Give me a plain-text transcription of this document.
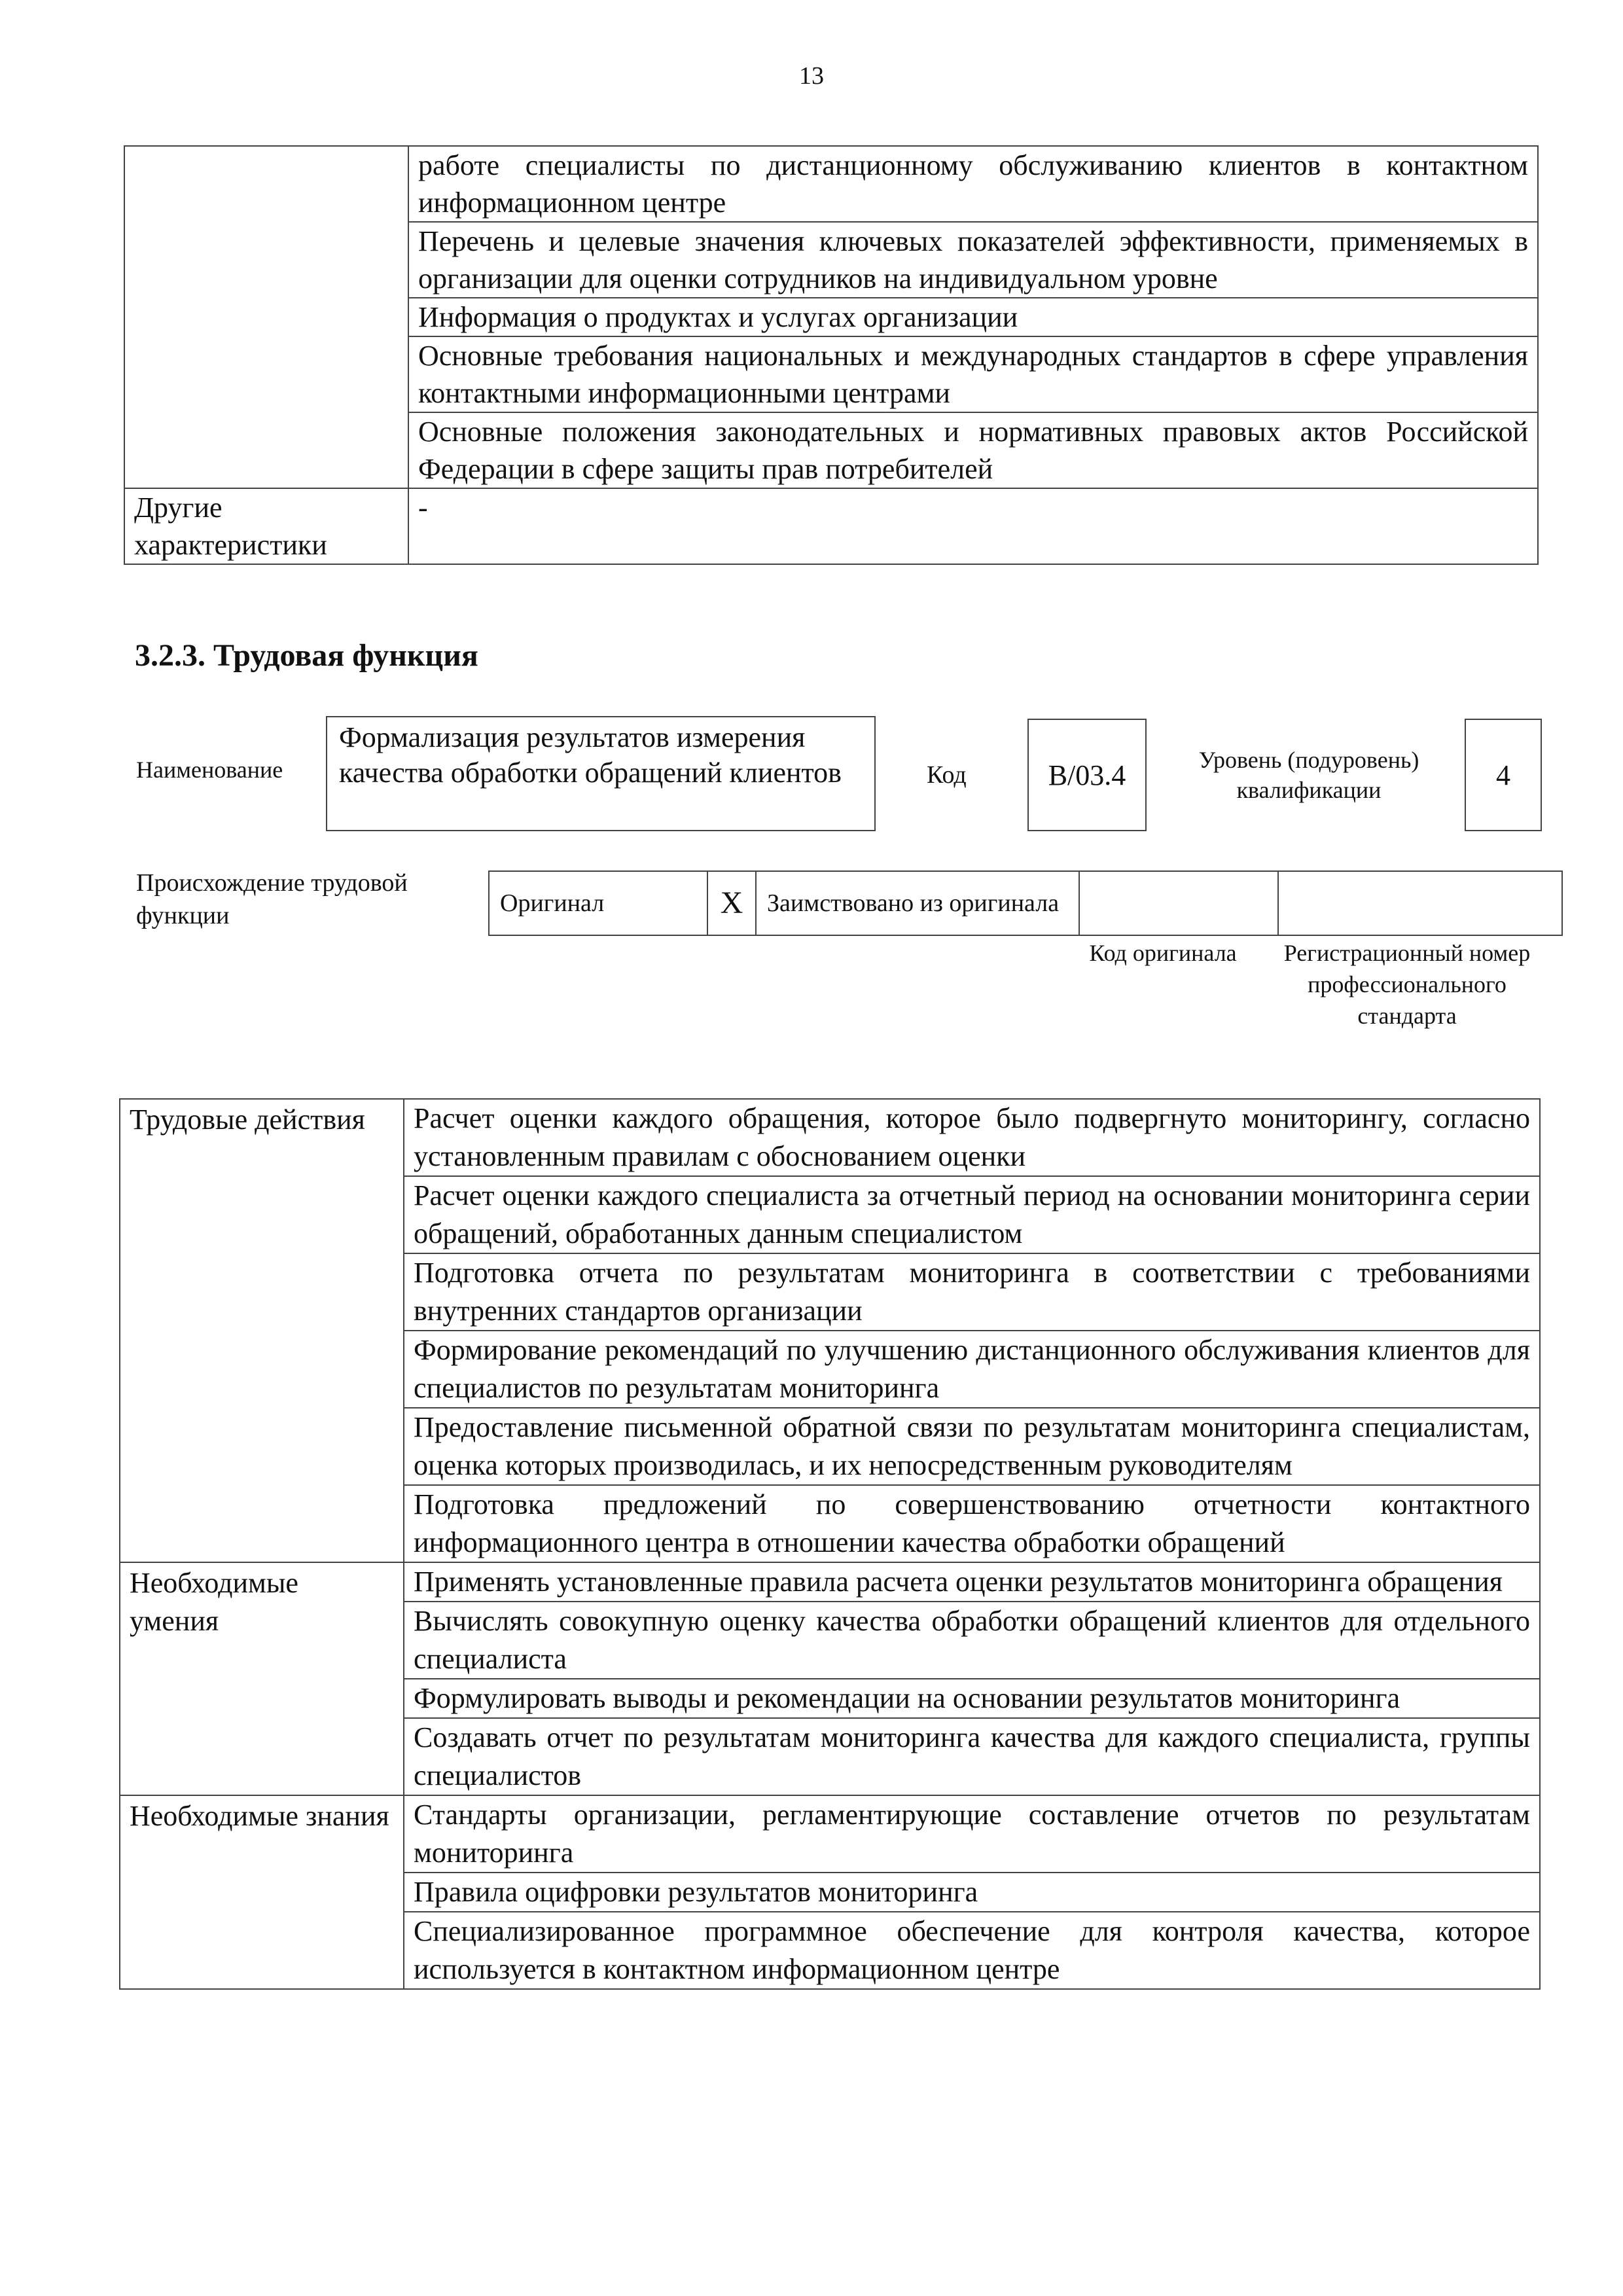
13
	работе специалисты по дистанционному обслуживанию клиентов в контактном информационном центре
	Перечень и целевые значения ключевых показателей эффективности, применяемых в организации для оценки сотрудников на индивидуальном уровне
	Информация о продуктах и услугах организации
	Основные требования национальных и международных стандартов в сфере управления контактными информационными центрами
	Основные положения законодательных и нормативных правовых актов Российской Федерации в сфере защиты прав потребителей
Другие характеристики	-
3.2.3. Трудовая функция
Наименование
Формализация результатов измерения качества обработки обращений клиентов	Код	B/03.4	Уровень (подуровень) квалификации	4
Происхождение трудовой функции	Оригинал	X	Заимствовано из оригинала		
Код оригинала	Регистрационный номер профессионального стандарта
Трудовые действия	Расчет оценки каждого обращения, которое было подвергнуто мониторингу, согласно установленным правилам с обоснованием оценки
	Расчет оценки каждого специалиста за отчетный период на основании мониторинга серии обращений, обработанных данным специалистом
	Подготовка отчета по результатам мониторинга в соответствии с требованиями внутренних стандартов организации
	Формирование рекомендаций по улучшению дистанционного обслуживания клиентов для специалистов по результатам мониторинга
	Предоставление письменной обратной связи по результатам мониторинга специалистам, оценка которых производилась, и их непосредственным руководителям
	Подготовка предложений по совершенствованию отчетности контактного информационного центра в отношении качества обработки обращений
Необходимые умения	Применять установленные правила расчета оценки результатов мониторинга обращения
	Вычислять совокупную оценку качества обработки обращений клиентов для отдельного специалиста
	Формулировать выводы и рекомендации на основании результатов мониторинга
	Создавать отчет по результатам мониторинга качества для каждого специалиста, группы специалистов
Необходимые знания	Стандарты организации, регламентирующие составление отчетов по результатам мониторинга
	Правила оцифровки результатов мониторинга
	Специализированное программное обеспечение для контроля качества, которое используется в контактном информационном центре
